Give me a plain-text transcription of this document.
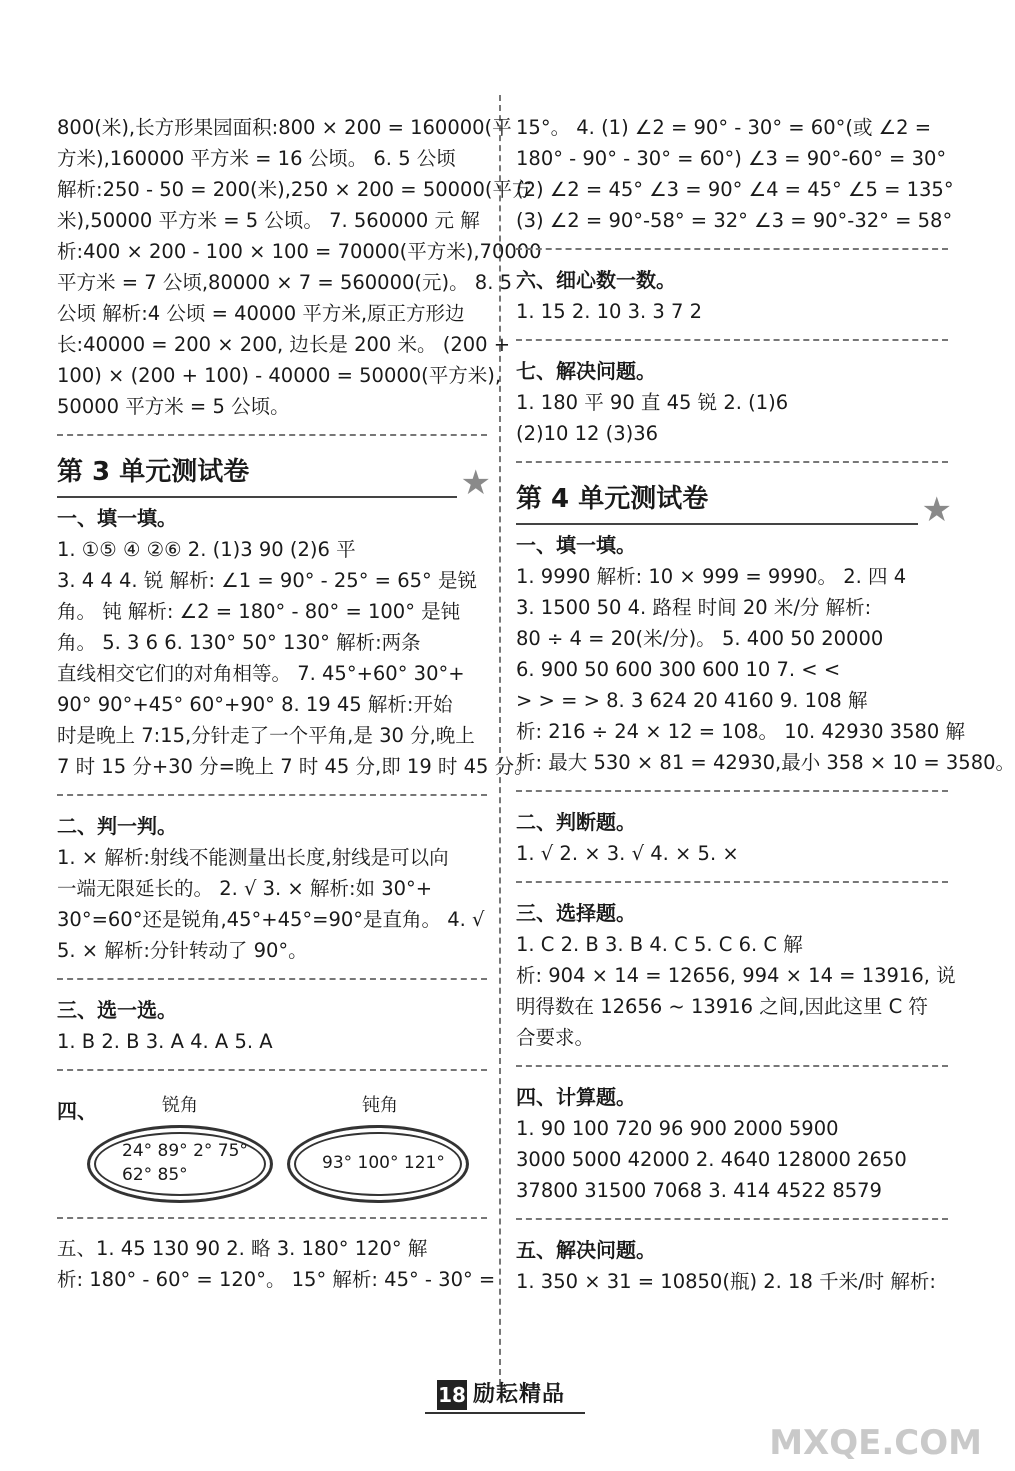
800(米),长方形果园面积:800 × 200 = 160000(平
方米),160000 平方米 = 16 公顷。 6. 5 公顷
解析:250 - 50 = 200(米),250 × 200 = 50000(平方
米),50000 平方米 = 5 公顷。 7. 560000 元 解
析:400 × 200 - 100 × 100 = 70000(平方米),70000
平方米 = 7 公顷,80000 × 7 = 560000(元)。 8. 5
公顷 解析:4 公顷 = 40000 平方米,原正方形边
长:40000 = 200 × 200, 边长是 200 米。 (200 +
100) × (200 + 100) - 40000 = 50000(平方米),
50000 平方米 = 5 公顷。
第 3 单元测试卷	★
一、填一填。
1. ①⑤ ④ ②⑥ 2. (1)3 90 (2)6 平
3. 4 4 4. 锐 解析: ∠1 = 90° - 25° = 65° 是锐
角。 钝 解析: ∠2 = 180° - 80° = 100° 是钝
角。 5. 3 6 6. 130° 50° 130° 解析:两条
直线相交它们的对角相等。 7. 45°+60° 30°+
90° 90°+45° 60°+90° 8. 19 45 解析:开始
时是晚上 7:15,分针走了一个平角,是 30 分,晚上
7 时 15 分+30 分=晚上 7 时 45 分,即 19 时 45 分。
二、判一判。
1. × 解析:射线不能测量出长度,射线是可以向
一端无限延长的。 2. √ 3. × 解析:如 30°+
30°=60°还是锐角,45°+45°=90°是直角。 4. √
5. × 解析:分针转动了 90°。
三、选一选。
1. B 2. B 3. A 4. A 5. A
四、	锐角	钝角
24° 89° 2° 75°
62° 85°
93° 100° 121°
五、1. 45 130 90 2. 略 3. 180° 120° 解
析: 180° - 60° = 120°。 15° 解析: 45° - 30° =
15°。 4. (1) ∠2 = 90° - 30° = 60°(或 ∠2 =
180° - 90° - 30° = 60°) ∠3 = 90°-60° = 30°
(2) ∠2 = 45° ∠3 = 90° ∠4 = 45° ∠5 = 135°
(3) ∠2 = 90°-58° = 32° ∠3 = 90°-32° = 58°
六、细心数一数。
1. 15 2. 10 3. 3 7 2
七、解决问题。
1. 180 平 90 直 45 锐 2. (1)6
(2)10 12 (3)36
第 4 单元测试卷	★
一、填一填。
1. 9990 解析: 10 × 999 = 9990。 2. 四 4
3. 1500 50 4. 路程 时间 20 米/分 解析:
80 ÷ 4 = 20(米/分)。 5. 400 50 20000
6. 900 50 600 300 600 10 7. < <
> > = > 8. 3 624 20 4160 9. 108 解
析: 216 ÷ 24 × 12 = 108。 10. 42930 3580 解
析: 最大 530 × 81 = 42930,最小 358 × 10 = 3580。
二、判断题。
1. √ 2. × 3. √ 4. × 5. ×
三、选择题。
1. C 2. B 3. B 4. C 5. C 6. C 解
析: 904 × 14 = 12656, 994 × 14 = 13916, 说
明得数在 12656 ~ 13916 之间,因此这里 C 符
合要求。
四、计算题。
1. 90 100 720 96 900 2000 5900
3000 5000 42000 2. 4640 128000 2650
37800 31500 7068 3. 414 4522 8579
五、解决问题。
1. 350 × 31 = 10850(瓶) 2. 18 千米/时 解析:
18 励耘精品
MXQE.COM
